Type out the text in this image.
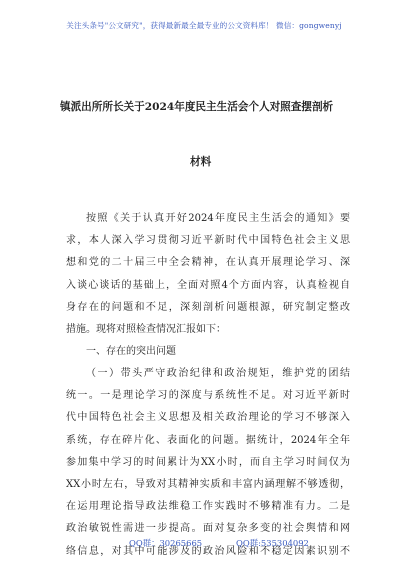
关注头条号"公文研究"，获得最新最全最专业的公文资料库！ 微信：gongwenyj
镇派出所所长关于2024年度民主生活会个人对照查摆剖析
材料
按照《关于认真开好2024年度民主生活会的通知》要
求，本人深入学习贯彻习近平新时代中国特色社会主义思
想和党的二十届三中全会精神，在认真开展理论学习、深
入谈心谈话的基础上，全面对照4个方面内容，认真检视自
身存在的问题和不足，深刻剖析问题根源，研究制定整改
措施。现将对照检查情况汇报如下：
一、存在的突出问题
（一）带头严守政治纪律和政治规矩，维护党的团结
统一。一是理论学习的深度与系统性不足。对习近平新时
代中国特色社会主义思想及相关政治理论的学习不够深入
系统，存在碎片化、表面化的问题。据统计，2024年全年
参加集中学习的时间累计为XX小时，而自主学习时间仅为
XX小时左右，导致对其精神实质和丰富内涵理解不够透彻，
在运用理论指导政法维稳工作实践时不够精准有力。二是
政治敏锐性需进一步提高。面对复杂多变的社会舆情和网
络信息，对其中可能涉及的政治风险和不稳定因素识别不
QQ群：30265665	QQ群:535304092
